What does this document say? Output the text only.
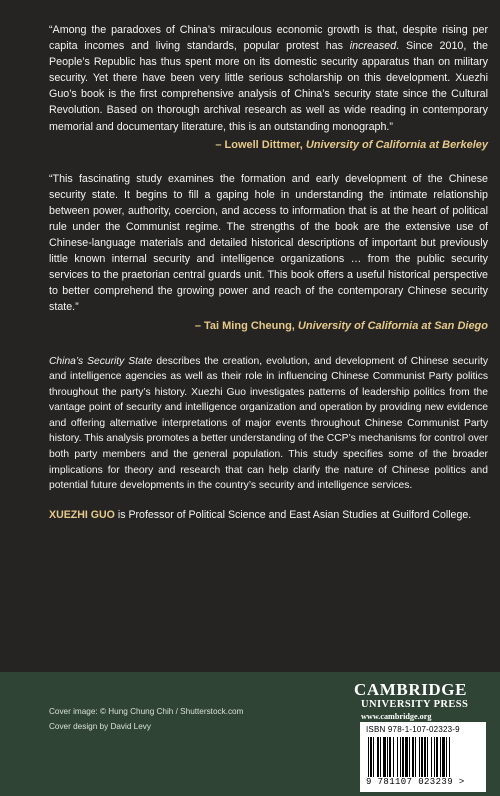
“Among the paradoxes of China’s miraculous economic growth is that, despite rising per capita incomes and living standards, popular protest has increased. Since 2010, the People’s Republic has thus spent more on its domestic security apparatus than on military security. Yet there have been very little serious scholarship on this development. Xuezhi Guo’s book is the first comprehensive analysis of China’s security state since the Cultural Revolution. Based on thorough archival research as well as wide reading in contemporary memorial and documentary literature, this is an outstanding monograph.”

– Lowell Dittmer, University of California at Berkeley

“This fascinating study examines the formation and early development of the Chinese security state. It begins to fill a gaping hole in understanding the intimate relationship between power, authority, coercion, and access to information that is at the heart of political rule under the Communist regime. The strengths of the book are the extensive use of Chinese-language materials and detailed historical descriptions of important but previously little known internal security and intelligence organizations … from the public security services to the praetorian central guards unit. This book offers a useful historical perspective to better comprehend the growing power and reach of the contemporary Chinese security state.”

– Tai Ming Cheung, University of California at San Diego

China’s Security State describes the creation, evolution, and development of Chinese security and intelligence agencies as well as their role in influencing Chinese Communist Party politics throughout the party’s history. Xuezhi Guo investigates patterns of leadership politics from the vantage point of security and intelligence organization and operation by providing new evidence and offering alternative interpretations of major events throughout Chinese Communist Party history. This analysis promotes a better understanding of the CCP’s mechanisms for control over both party members and the general population. This study specifies some of the broader implications for theory and research that can help clarify the nature of Chinese politics and potential future developments in the country’s security and intelligence services.

XUEZHI GUO is Professor of Political Science and East Asian Studies at Guilford College.

Cover image: © Hung Chung Chih / Shutterstock.com
Cover design by David Levy
CAMBRIDGE
UNIVERSITY PRESS
www.cambridge.org
ISBN 978-1-107-02323-9
9 781107 023239 >
